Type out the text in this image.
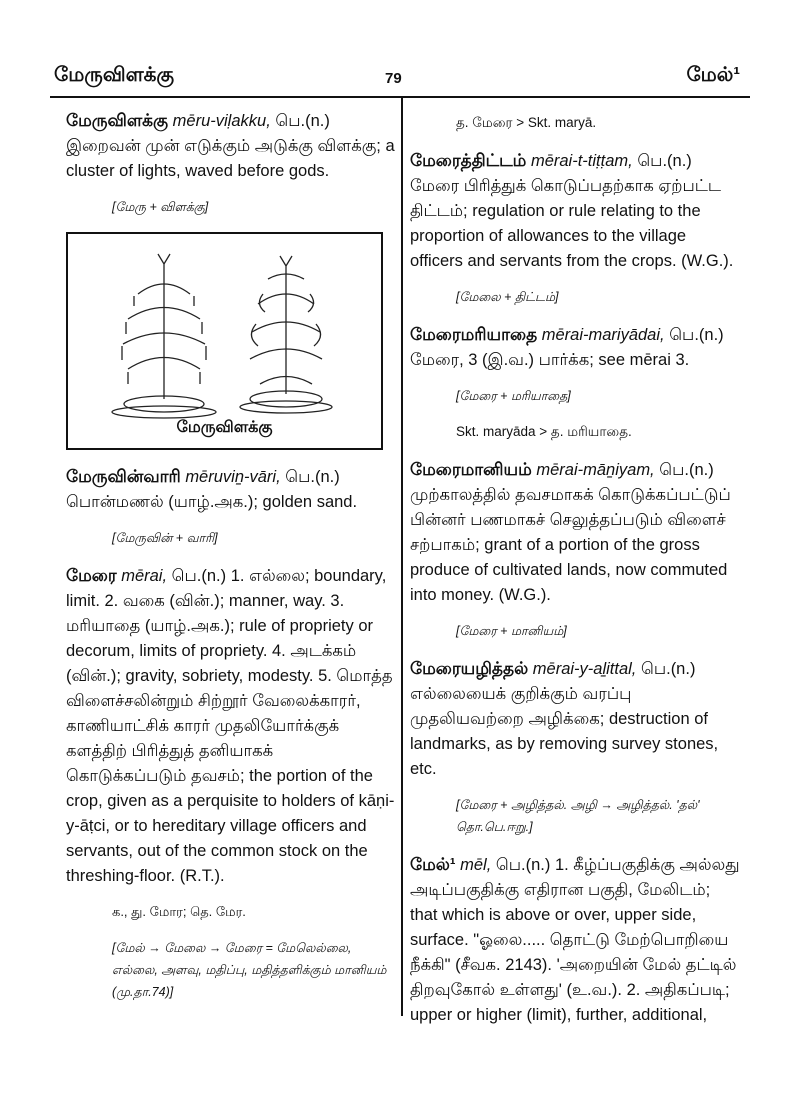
மேருவிளக்கு	79	மேல்¹
மேருவிளக்கு mēru-viḷakku, பெ.(n.) இறைவன் முன் எடுக்கும் அடுக்கு விளக்கு; a cluster of lights, waved before gods.
[மேரு + விளக்கு]
மேருவிளக்கு
மேருவின்வாரி mēruviṉ-vāri, பெ.(n.) பொன்மணல் (யாழ்.அக.); golden sand.
[மேருவின் + வாரி]
மேரை mērai, பெ.(n.) 1. எல்லை; boundary, limit. 2. வகை (வின்.); manner, way. 3. மரியாதை (யாழ்.அக.); rule of propriety or decorum, limits of propriety. 4. அடக்கம் (வின்.); gravity, sobriety, modesty. 5. மொத்த விளைச்சலின்றும் சிற்றூர் வேலைக்காரர், காணியாட்சிக் காரர் முதலியோர்க்குக் களத்திற் பிரித்துத் தனியாகக் கொடுக்கப்படும் தவசம்; the portion of the crop, given as a perquisite to holders of kāṇi-y-āṭci, or to hereditary village officers and servants, out of the common stock on the threshing-floor. (R.T.).
க., து. மோர; தெ. மேர.
[மேல் → மேலை → மேரை = மேலெல்லை, எல்லை, அளவு, மதிப்பு, மதித்தளிக்கும் மானியம் (மு.தா.74)]
த. மேரை > Skt. maryā.
மேரைத்திட்டம் mērai-t-tiṭṭam, பெ.(n.) மேரை பிரித்துக் கொடுப்பதற்காக ஏற்பட்ட திட்டம்; regulation or rule relating to the proportion of allowances to the village officers and servants from the crops. (W.G.).
[மேலை + திட்டம்]
மேரைமரியாதை mērai-mariyādai, பெ.(n.) மேரை, 3 (இ.வ.) பார்க்க; see mērai 3.
[மேரை + மரியாதை]
Skt. maryāda > த. மரியாதை.
மேரைமானியம் mērai-māṉiyam, பெ.(n.) முற்காலத்தில் தவசமாகக் கொடுக்கப்பட்டுப் பின்னர் பணமாகச் செலுத்தப்படும் விளைச் சற்பாகம்; grant of a portion of the gross produce of cultivated lands, now commuted into money. (W.G.).
[மேரை + மானியம்]
மேரையழித்தல் mērai-y-aḻittal, பெ.(n.) எல்லையைக் குறிக்கும் வரப்பு முதலியவற்றை அழிக்கை; destruction of landmarks, as by removing survey stones, etc.
[மேரை + அழித்தல். அழி → அழித்தல். 'தல்' தொ.பெ.ஈறு.]
மேல்¹ mēl, பெ.(n.) 1. கீழ்ப்பகுதிக்கு அல்லது அடிப்பகுதிக்கு எதிரான பகுதி, மேலிடம்; that which is above or over, upper side, surface. "ஓலை..... தொட்டு மேற்பொறியை நீக்கி" (சீவக. 2143). 'அறையின் மேல் தட்டில் திறவுகோல் உள்ளது' (உ.வ.). 2. அதிகப்படி; upper or higher (limit), further, additional,
